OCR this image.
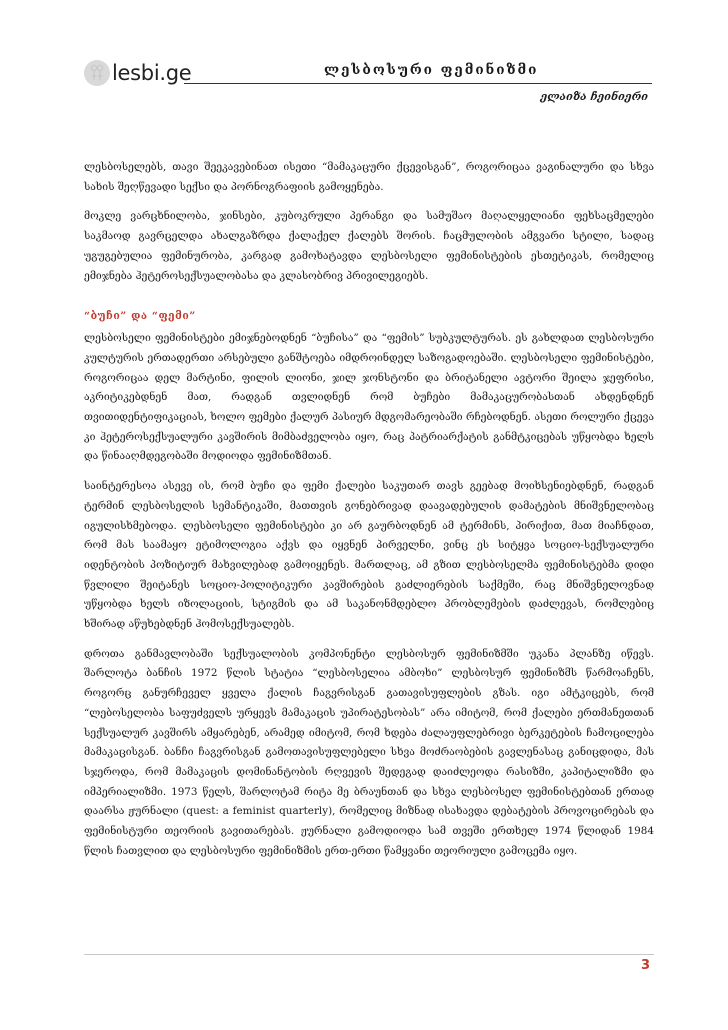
lesbi.ge	ლესბოსური ფემინიზმი
ელაიზა ჩეინიერი

ლესბოსელებს, თავი შეეკავებინათ ისეთი “მამაკაცური ქცევისგან”, როგორიცაა ვაგინალური და სხვა სახის შეღწევადი სექსი და პორნოგრაფიის გამოყენება.

მოკლე ვარცხნილობა, ჯინსები, კუბოკრული პერანგი და სამუშაო მაღალყელიანი ფეხსაცმელები საკმაოდ გავრცელდა ახალგაზრდა ქალაქელ ქალებს შორის. ჩაცმულობის ამგვარი სტილი, სადაც უგუგებულია ფემინურობა, კარგად გამოხატავდა ლესბოსელი ფემინისტების ესთეტიკას, რომელიც ემიჯნება ჰეტეროსექსუალობასა და კლასობრივ პრივილეგიებს.

“ბუჩი” და “ფემი”

ლესბოსელი ფემინისტები ემიჯნებოდნენ “ბუჩისა” და “ფემის” სუბკულტურას. ეს გახლდათ ლესბოსური კულტურის ერთადერთი არსებული განშტოება იმდროინდელ საზოგადოებაში. ლესბოსელი ფემინისტები, როგორიცაა დელ მარტინი, ფილის ლიონი, ჯილ ჯონსტონი და ბრიტანელი ავტორი შეილა ჯეფრისი, აკრიტიკებდნენ მათ, რადგან თვლიდნენ რომ ბუჩები მამაკაცურობასთან ახდენდნენ თვითიდენტიფიკაციას, ხოლო ფემები ქალურ პასიურ მდგომარეობაში რჩებოდნენ. ასეთი როლური ქცევა კი ჰეტეროსექსუალური კავშირის მიმბაძველობა იყო, რაც პატრიარქატის განმტკიცებას უწყობდა ხელს და წინააღმდეგობაში მოდიოდა ფემინიზმთან.

საინტერესოა ასევე ის, რომ ბუჩი და ფემი ქალები საკუთარ თავს გეებად მოიხსენიებდნენ, რადგან ტერმინ ლესბოსელის სემანტიკაში, მათთვის გონებრივად დაავადებულის დამატების მნიშვნელობაც იგულისხმებოდა. ლესბოსელი ფემინისტები კი არ გაურბოდნენ ამ ტერმინს, პირიქით, მათ მიაჩნდათ, რომ მას საამაყო ეტიმოლოგია აქვს და იყვნენ პირველნი, ვინც ეს სიტყვა სოციო-სექსუალური იდენტობის პოზიტიურ მახვილებად გამოიყენეს. მართლაც, ამ გზით ლესბოსელმა ფემინისტებმა დიდი წვლილი შეიტანეს სოციო-პოლიტიკური კავშირების გაძლიერების საქმეში, რაც მნიშვნელოვნად უწყობდა ხელს იზოლაციის, სტიგმის და ამ საკანონმდებლო პრობლემების დაძლევას, რომლებიც ხშირად აწუხებდნენ ჰომოსექსუალებს.

დროთა განმავლობაში სექსუალობის კომპონენტი ლესბოსურ ფემინიზმში უკანა პლანზე იწევს. შარლოტა ბანჩის 1972 წლის სტატია “ლესბოსელია ამბოხი” ლესბოსურ ფემინიზმს წარმოაჩენს, როგორც განურჩეველ ყველა ქალის ჩაგვრისგან გათავისუფლების გზას. იგი ამტკიცებს, რომ “ლებოსელობა საფუძველს ურყევს მამაკაცის უპირატესობას” არა იმიტომ, რომ ქალები ერთმანეთთან სექსუალურ კავშირს ამყარებენ, არამედ იმიტომ, რომ ხდება ძალაუფლებრივი ბერკეტების ჩამოცილება მამაკაცისგან. ბანჩი ჩაგვრისგან გამოთავისუფლებელი სხვა მოძრაობების გავლენასაც განიცდიდა, მას სჯეროდა, რომ მამაკაცის დომინანტობის რღვევის შედეგად დაიძლეოდა რასიზმი, კაპიტალიზმი და იმპერიალიზმი. 1973 წელს, შარლოტამ რიტა მე ბრაუნთან და სხვა ლესბოსელ ფემინისტებთან ერთად დაარსა ჟურნალი (quest: a feminist quarterly), რომელიც მიზნად ისახავდა დებატების პროვოცირებას და ფემინისტური თეორიის გავითარებას. ჟურნალი გამოდიოდა სამ თვეში ერთხელ 1974 წლიდან 1984 წლის ჩათვლით და ლესბოსური ფემინიზმის ერთ-ერთი წამყვანი თეორიული გამოცემა იყო.

3
